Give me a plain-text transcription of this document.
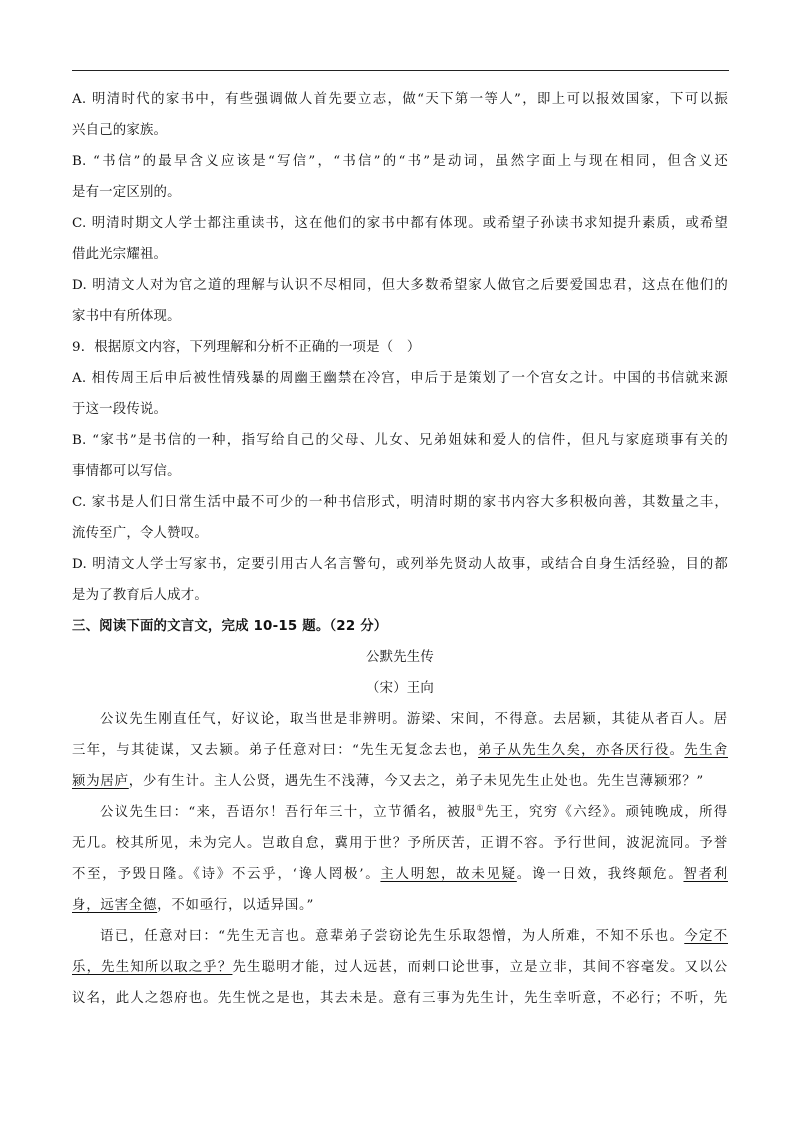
A. 明清时代的家书中，有些强调做人首先要立志，做“天下第一等人”，即上可以报效国家，下可以振
兴自己的家族。
B. “书信”的最早含义应该是“写信”，“书信”的“书”是动词，虽然字面上与现在相同，但含义还
是有一定区别的。
C. 明清时期文人学士都注重读书，这在他们的家书中都有体现。或希望子孙读书求知提升素质，或希望
借此光宗耀祖。
D. 明清文人对为官之道的理解与认识不尽相同，但大多数希望家人做官之后要爱国忠君，这点在他们的
家书中有所体现。
9．根据原文内容，下列理解和分析不正确的一项是（　）
A. 相传周王后申后被性情残暴的周幽王幽禁在冷宫，申后于是策划了一个宫女之计。中国的书信就来源
于这一段传说。
B. “家书”是书信的一种，指写给自己的父母、儿女、兄弟姐妹和爱人的信件，但凡与家庭琐事有关的
事情都可以写信。
C. 家书是人们日常生活中最不可少的一种书信形式，明清时期的家书内容大多积极向善，其数量之丰，
流传至广，令人赞叹。
D. 明清文人学士写家书，定要引用古人名言警句，或列举先贤动人故事，或结合自身生活经验，目的都
是为了教育后人成才。
三、阅读下面的文言文，完成 10-15 题。（22 分）
公默先生传
（宋）王向
公议先生刚直任气，好议论，取当世是非辨明。游梁、宋间，不得意。去居颍，其徒从者百人。居
三年，与其徒谋，又去颍。弟子任意对曰：“先生无复念去也，弟子从先生久矣，亦各厌行役。先生舍
颍为居庐，少有生计。主人公贤，遇先生不浅薄，今又去之，弟子未见先生止处也。先生岂薄颍邪？”
公议先生曰：“来，吾语尔！吾行年三十，立节循名，被服①先王，究穷《六经》。顽钝晚成，所得
无几。校其所见，未为完人。岂敢自怠，冀用于世？予所厌苦，正谓不容。予行世间，波泥流同。予誉
不至，予毁日隆。《诗》不云乎，‘谗人罔极’。主人明恕，故未见疑。谗一日效，我终颠危。智者利
身，远害全德，不如亟行，以适异国。”
语已，任意对曰：“先生无言也。意辈弟子尝窃论先生乐取怨憎，为人所难，不知不乐也。今定不
乐，先生知所以取之乎？先生聪明才能，过人远甚，而剌口论世事，立是立非，其间不容毫发。又以公
议名，此人之怨府也。先生恍之是也，其去未是。意有三事为先生计，先生幸听意，不必行；不听，先
